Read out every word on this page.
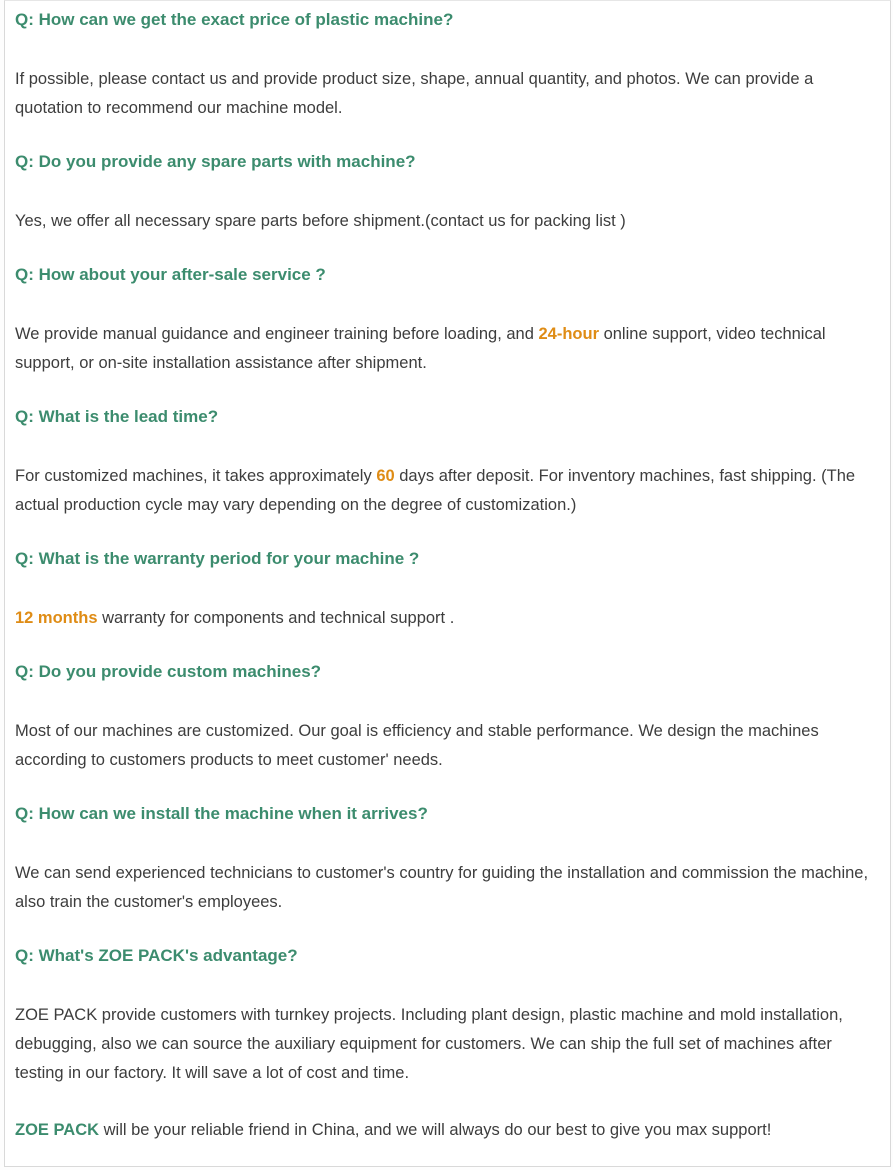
Q: How can we get the exact price of plastic machine?

If possible, please contact us and provide product size, shape, annual quantity, and photos. We can provide a quotation to recommend our machine model.

Q: Do you provide any spare parts with machine?

Yes, we offer all necessary spare parts before shipment.(contact us for packing list )

Q: How about your after-sale service ?

We provide manual guidance and engineer training before loading, and 24-hour online support, video technical support, or on-site installation assistance after shipment.

Q: What is the lead time?

For customized machines, it takes approximately 60 days after deposit. For inventory machines, fast shipping. (The actual production cycle may vary depending on the degree of customization.)

Q: What is the warranty period for your machine ?

12 months warranty for components and technical support .

Q: Do you provide custom machines?

Most of our machines are customized. Our goal is efficiency and stable performance. We design the machines according to customers products to meet customer' needs.

Q: How can we install the machine when it arrives?

We can send experienced technicians to customer's country for guiding the installation and commission the machine, also train the customer's employees.

Q: What's ZOE PACK's advantage?

ZOE PACK provide customers with turnkey projects. Including plant design, plastic machine and mold installation, debugging, also we can source the auxiliary equipment for customers. We can ship the full set of machines after testing in our factory. It will save a lot of cost and time.

ZOE PACK will be your reliable friend in China, and we will always do our best to give you max support!
